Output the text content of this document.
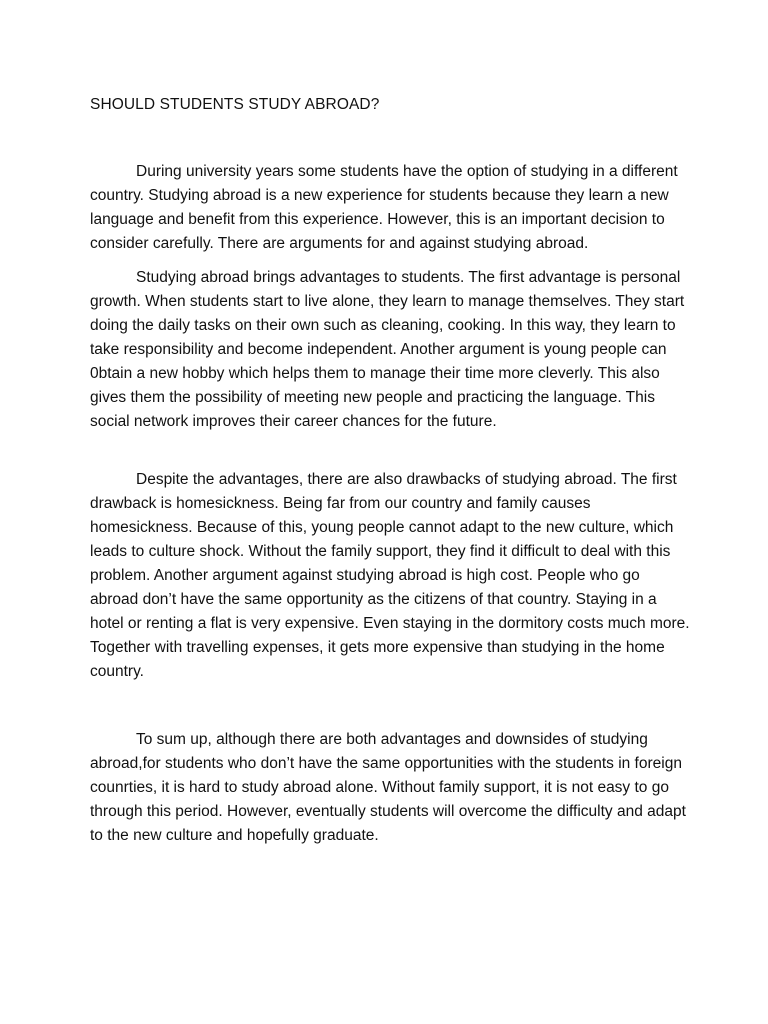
SHOULD STUDENTS STUDY ABROAD?

During university years some students have the option of studying in a different country. Studying abroad is a new experience for students because they learn a new language and benefit from this experience. However, this is an important decision to consider carefully. There are arguments for and against studying abroad.

Studying abroad brings advantages to students. The first advantage is personal growth. When students start to live alone, they learn to manage themselves. They start doing the daily tasks on their own such as cleaning, cooking. In this way, they learn to take responsibility and become independent. Another argument is young people can 0btain a new hobby which helps them to manage their time more cleverly. This also gives them the possibility of meeting new people and practicing the language. This social network improves their career chances for the future.

Despite the advantages, there are also drawbacks of studying abroad. The first drawback is homesickness. Being far from our country and family causes homesickness. Because of this, young people cannot adapt to the new culture, which leads to culture shock. Without the family support, they find it difficult to deal with this problem. Another argument against studying abroad is high cost. People who go abroad don’t have the same opportunity as the citizens of that country. Staying in a hotel or renting a flat is very expensive. Even staying in the dormitory costs much more. Together with travelling expenses, it gets more expensive than studying in the home country.

To sum up, although there are both advantages and downsides of studying abroad,for students who don’t have the same opportunities with the students in foreign counrties, it is hard to study abroad alone. Without family support, it is not easy to go through this period. However, eventually students will overcome the difficulty and adapt to the new culture and hopefully graduate.
